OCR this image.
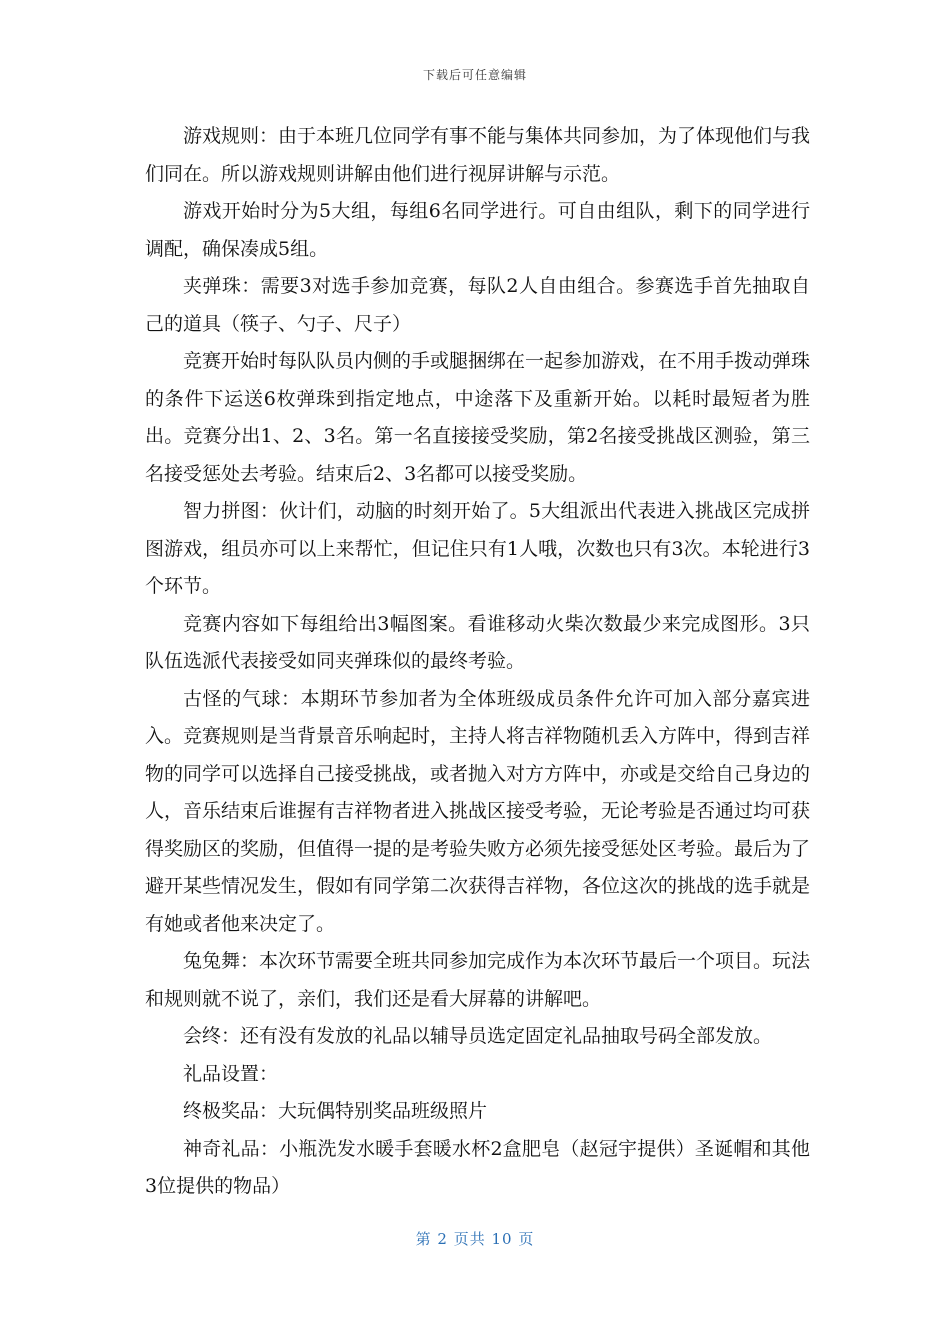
下载后可任意编辑

游戏规则：由于本班几位同学有事不能与集体共同参加，为了体现他们与我们同在。所以游戏规则讲解由他们进行视屏讲解与示范。

游戏开始时分为5大组，每组6名同学进行。可自由组队，剩下的同学进行调配，确保凑成5组。

夹弹珠：需要3对选手参加竞赛，每队2人自由组合。参赛选手首先抽取自己的道具（筷子、勺子、尺子）

竞赛开始时每队队员内侧的手或腿捆绑在一起参加游戏，在不用手拨动弹珠的条件下运送6枚弹珠到指定地点，中途落下及重新开始。以耗时最短者为胜出。竞赛分出1、2、3名。第一名直接接受奖励，第2名接受挑战区测验，第三名接受惩处去考验。结束后2、3名都可以接受奖励。

智力拼图：伙计们，动脑的时刻开始了。5大组派出代表进入挑战区完成拼图游戏，组员亦可以上来帮忙，但记住只有1人哦，次数也只有3次。本轮进行3个环节。

竞赛内容如下每组给出3幅图案。看谁移动火柴次数最少来完成图形。3只队伍选派代表接受如同夹弹珠似的最终考验。

古怪的气球：本期环节参加者为全体班级成员条件允许可加入部分嘉宾进入。竞赛规则是当背景音乐响起时，主持人将吉祥物随机丢入方阵中，得到吉祥物的同学可以选择自己接受挑战，或者抛入对方方阵中，亦或是交给自己身边的人，音乐结束后谁握有吉祥物者进入挑战区接受考验，无论考验是否通过均可获得奖励区的奖励，但值得一提的是考验失败方必须先接受惩处区考验。最后为了避开某些情况发生，假如有同学第二次获得吉祥物，各位这次的挑战的选手就是有她或者他来决定了。

兔兔舞：本次环节需要全班共同参加完成作为本次环节最后一个项目。玩法和规则就不说了，亲们，我们还是看大屏幕的讲解吧。

会终：还有没有发放的礼品以辅导员选定固定礼品抽取号码全部发放。

礼品设置：

终极奖品：大玩偶特别奖品班级照片

神奇礼品：小瓶洗发水暖手套暖水杯2盒肥皂（赵冠宇提供）圣诞帽和其他3位提供的物品）

第 2 页共 10 页
